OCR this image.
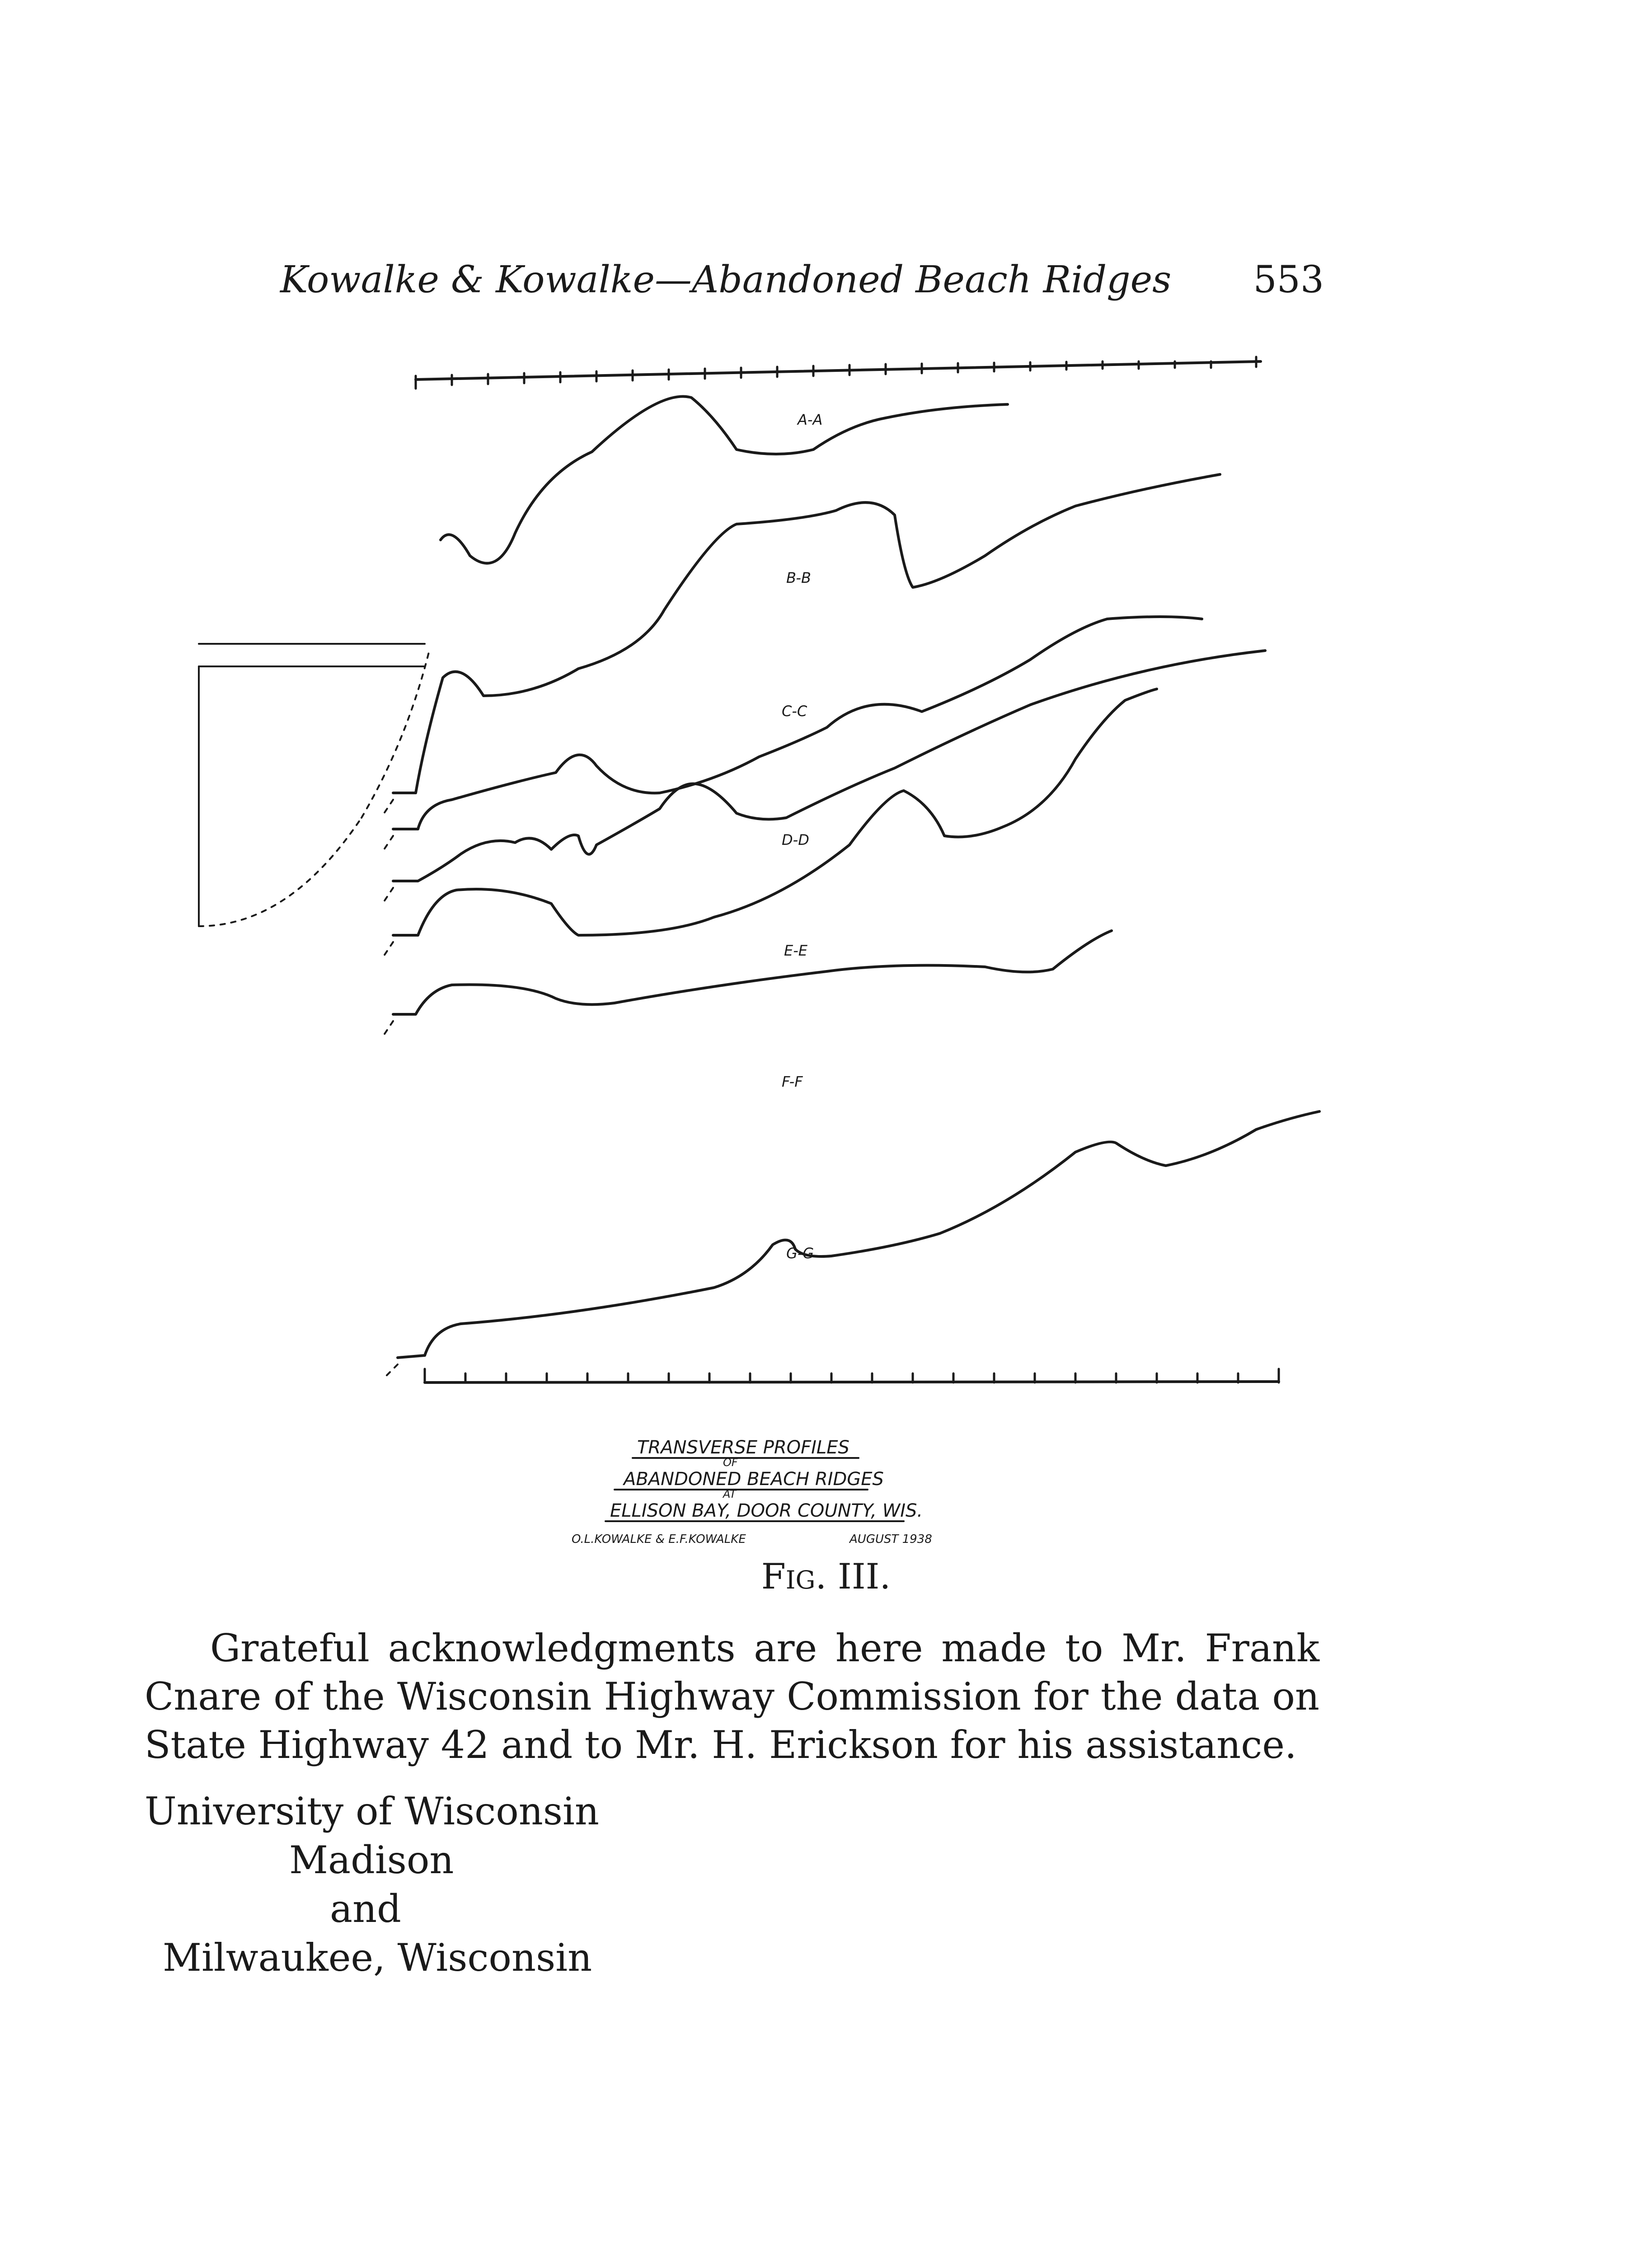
Kowalke & Kowalke—Abandoned Beach Ridges 553
A-A
B-B
C-C
D-D
E-E
F-F
G-G
TRANSVERSE PROFILES
OF
ABANDONED BEACH RIDGES
AT
ELLISON BAY, DOOR COUNTY, WIS.
O.L.KOWALKE & E.F.KOWALKE	AUGUST 1938
Fig. III.

Grateful acknowledgments are here made to Mr. Frank Cnare of the Wisconsin Highway Commission for the data on State Highway 42 and to Mr. H. Erickson for his assistance.

University of Wisconsin
Madison
and
Milwaukee, Wisconsin
